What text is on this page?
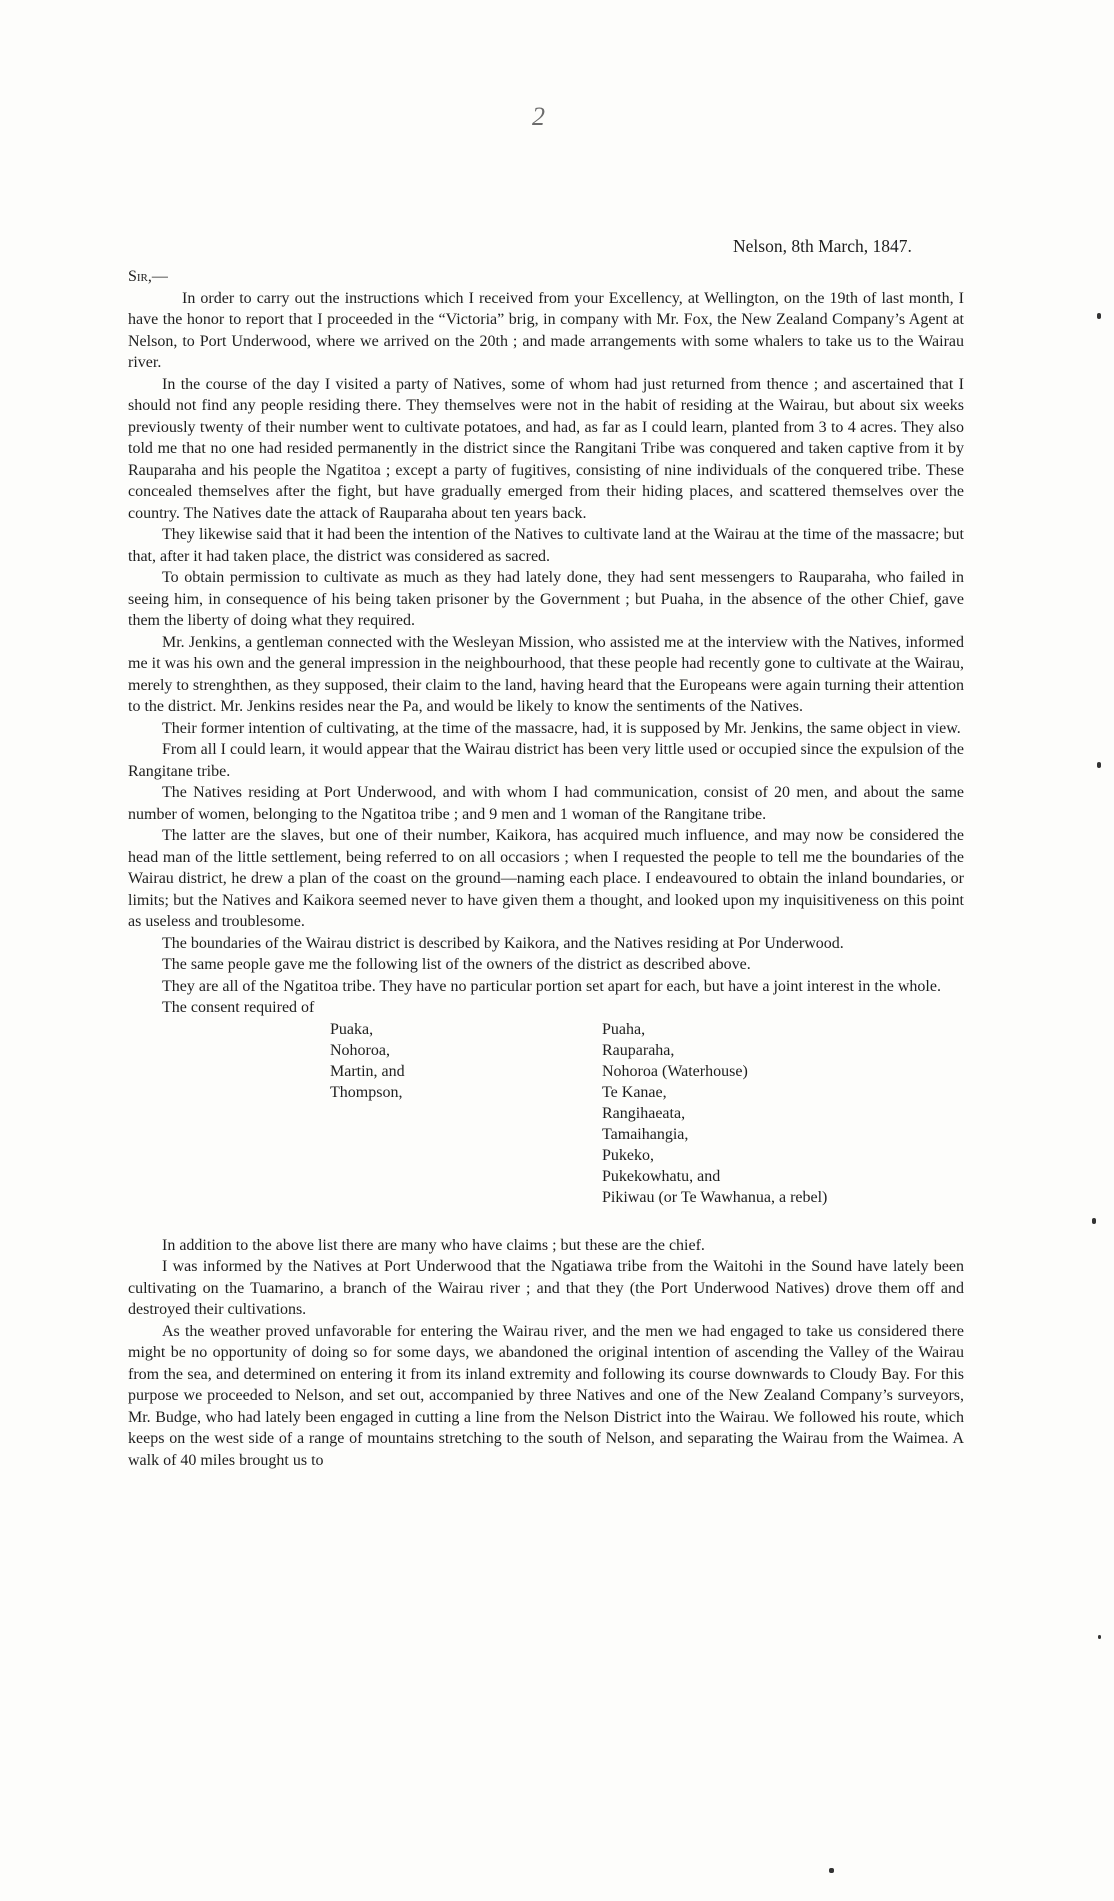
2
Nelson, 8th March, 1847.
Sir,—

In order to carry out the instructions which I received from your Excellency, at Wellington, on the 19th of last month, I have the honor to report that I proceeded in the “Victoria” brig, in company with Mr. Fox, the New Zealand Company’s Agent at Nelson, to Port Underwood, where we arrived on the 20th ; and made arrangements with some whalers to take us to the Wairau river.

In the course of the day I visited a party of Natives, some of whom had just returned from thence ; and ascertained that I should not find any people residing there. They themselves were not in the habit of residing at the Wairau, but about six weeks previously twenty of their number went to cultivate potatoes, and had, as far as I could learn, planted from 3 to 4 acres. They also told me that no one had resided permanently in the district since the Rangitani Tribe was conquered and taken captive from it by Rauparaha and his people the Ngatitoa ; except a party of fugitives, consisting of nine individuals of the conquered tribe. These concealed themselves after the fight, but have gradually emerged from their hiding places, and scattered themselves over the country. The Natives date the attack of Rauparaha about ten years back.

They likewise said that it had been the intention of the Natives to cultivate land at the Wairau at the time of the massacre; but that, after it had taken place, the district was considered as sacred.

To obtain permission to cultivate as much as they had lately done, they had sent messengers to Rauparaha, who failed in seeing him, in consequence of his being taken prisoner by the Government ; but Puaha, in the absence of the other Chief, gave them the liberty of doing what they required.

Mr. Jenkins, a gentleman connected with the Wesleyan Mission, who assisted me at the interview with the Natives, informed me it was his own and the general impression in the neighbourhood, that these people had recently gone to cultivate at the Wairau, merely to strenghthen, as they supposed, their claim to the land, having heard that the Europeans were again turning their attention to the district. Mr. Jenkins resides near the Pa, and would be likely to know the sentiments of the Natives.

Their former intention of cultivating, at the time of the massacre, had, it is supposed by Mr. Jenkins, the same object in view.

From all I could learn, it would appear that the Wairau district has been very little used or occupied since the expulsion of the Rangitane tribe.

The Natives residing at Port Underwood, and with whom I had communication, consist of 20 men, and about the same number of women, belonging to the Ngatitoa tribe ; and 9 men and 1 woman of the Rangitane tribe.

The latter are the slaves, but one of their number, Kaikora, has acquired much influence, and may now be considered the head man of the little settlement, being referred to on all occasiors ; when I requested the people to tell me the boundaries of the Wairau district, he drew a plan of the coast on the ground—naming each place. I endeavoured to obtain the inland boundaries, or limits; but the Natives and Kaikora seemed never to have given them a thought, and looked upon my inquisitiveness on this point as useless and troublesome.

The boundaries of the Wairau district is described by Kaikora, and the Natives residing at Por Underwood.

The same people gave me the following list of the owners of the district as described above.

They are all of the Ngatitoa tribe. They have no particular portion set apart for each, but have a joint interest in the whole.

The consent required of

Puaka,
Nohoroa,
Martin, and
Thompson,
Puaha,
Rauparaha,
Nohoroa (Waterhouse)
Te Kanae,
Rangihaeata,
Tamaihangia,
Pukeko,
Pukekowhatu, and
Pikiwau (or Te Wawhanua, a rebel)

In addition to the above list there are many who have claims ; but these are the chief.

I was informed by the Natives at Port Underwood that the Ngatiawa tribe from the Waitohi in the Sound have lately been cultivating on the Tuamarino, a branch of the Wairau river ; and that they (the Port Underwood Natives) drove them off and destroyed their cultivations.

As the weather proved unfavorable for entering the Wairau river, and the men we had engaged to take us considered there might be no opportunity of doing so for some days, we abandoned the original intention of ascending the Valley of the Wairau from the sea, and determined on entering it from its inland extremity and following its course downwards to Cloudy Bay. For this purpose we proceeded to Nelson, and set out, accompanied by three Natives and one of the New Zealand Company’s surveyors, Mr. Budge, who had lately been engaged in cutting a line from the Nelson District into the Wairau. We followed his route, which keeps on the west side of a range of mountains stretching to the south of Nelson, and separating the Wairau from the Waimea. A walk of 40 miles brought us to
